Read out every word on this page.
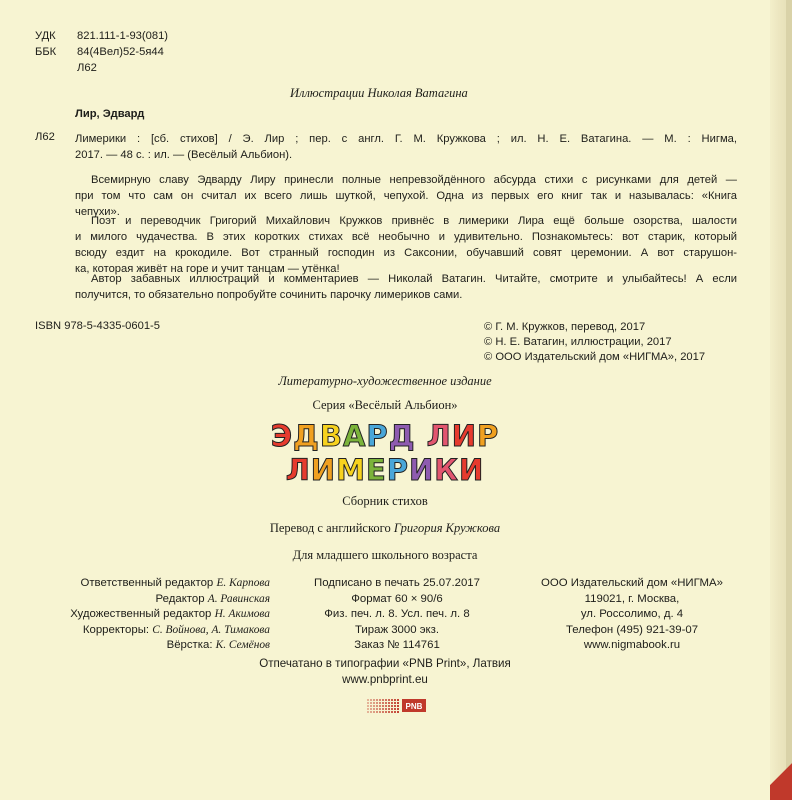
УДК 821.111-1-93(081)
ББК 84(4Вел)52-5я44
Л62
Иллюстрации Николая Ватагина
Лир, Эдвард
Л62 Лимерики : [сб. стихов] / Э. Лир ; пер. с англ. Г. М. Кружкова ; ил. Н. Е. Ватагина. — М. : Нигма,
2017. — 48 с. : ил. — (Весёлый Альбион).
Всемирную славу Эдварду Лиру принесли полные непревзойдённого абсурда стихи с рисунками для детей —
при том что сам он считал их всего лишь шуткой, чепухой. Одна из первых его книг так и называлась: «Книга
чепухи».
Поэт и переводчик Григорий Михайлович Кружков привнёс в лимерики Лира ещё больше озорства, шалости
и милого чудачества. В этих коротких стихах всё необычно и удивительно. Познакомьтесь: вот старик, который
всюду ездит на крокодиле. Вот странный господин из Саксонии, обучавший совят церемонии. А вот старушон-
ка, которая живёт на горе и учит танцам — утёнка!
Автор забавных иллюстраций и комментариев — Николай Ватагин. Читайте, смотрите и улыбайтесь! А если
получится, то обязательно попробуйте сочинить парочку лимериков сами.
ISBN 978-5-4335-0601-5	© Г. М. Кружков, перевод, 2017
© Н. Е. Ватагин, иллюстрации, 2017
© ООО Издательский дом «НИГМА», 2017
Литературно-художественное издание
Серия «Весёлый Альбион»
ЭДВАРД ЛИР
ЛИМЕРИКИ
Сборник стихов
Перевод с английского Григория Кружкова
Для младшего школьного возраста
Ответственный редактор Е. Карпова
Редактор А. Равинская
Художественный редактор Н. Акимова
Корректоры: С. Войнова, А. Тимакова
Вёрстка: К. Семёнов
Подписано в печать 25.07.2017
Формат 60 × 90/6
Физ. печ. л. 8. Усл. печ. л. 8
Тираж 3000 экз.
Заказ № 114761
ООО Издательский дом «НИГМА»
119021, г. Москва,
ул. Россолимо, д. 4
Телефон (495) 921-39-07
www.nigmabook.ru
Отпечатано в типографии «PNB Print», Латвия
www.pnbprint.eu
PNB
